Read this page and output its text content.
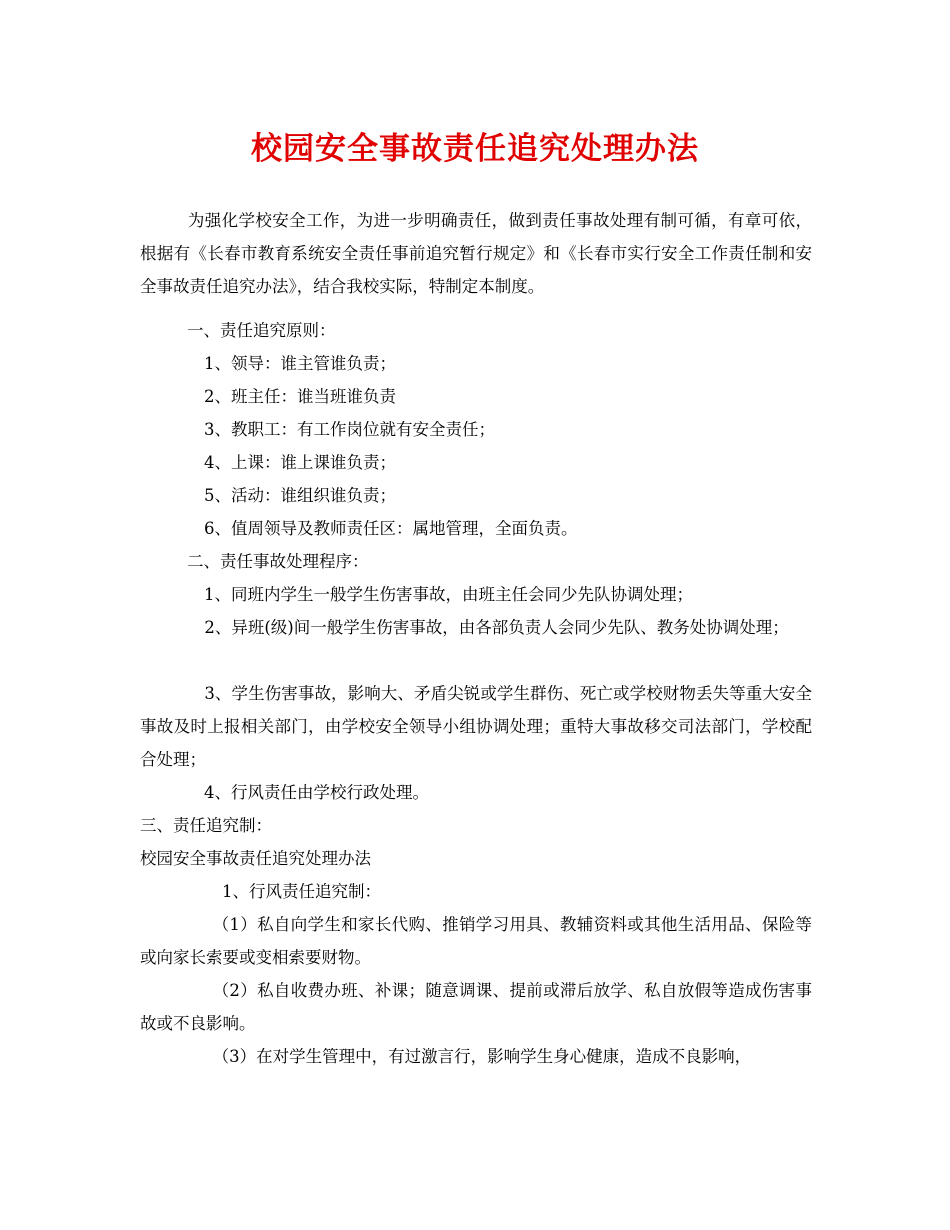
校园安全事故责任追究处理办法

为强化学校安全工作，为进一步明确责任，做到责任事故处理有制可循，有章可依，根据有《长春市教育系统安全责任事前追究暂行规定》和《长春市实行安全工作责任制和安全事故责任追究办法》，结合我校实际，特制定本制度。

一、责任追究原则：
1、领导：谁主管谁负责；
2、班主任：谁当班谁负责
3、教职工：有工作岗位就有安全责任；
4、上课：谁上课谁负责；
5、活动：谁组织谁负责；
6、值周领导及教师责任区：属地管理，全面负责。
二、责任事故处理程序：
1、同班内学生一般学生伤害事故，由班主任会同少先队协调处理；

2、异班(级)间一般学生伤害事故，由各部负责人会同少先队、教务处协调处理；

3、学生伤害事故，影响大、矛盾尖锐或学生群伤、死亡或学校财物丢失等重大安全事故及时上报相关部门，由学校安全领导小组协调处理；重特大事故移交司法部门，学校配合处理；

4、行风责任由学校行政处理。
三、责任追究制：
校园安全事故责任追究处理办法
1、行风责任追究制：

（1）私自向学生和家长代购、推销学习用具、教辅资料或其他生活用品、保险等或向家长索要或变相索要财物。

（2）私自收费办班、补课；随意调课、提前或滞后放学、私自放假等造成伤害事故或不良影响。

（3）在对学生管理中，有过激言行，影响学生身心健康，造成不良影响，
